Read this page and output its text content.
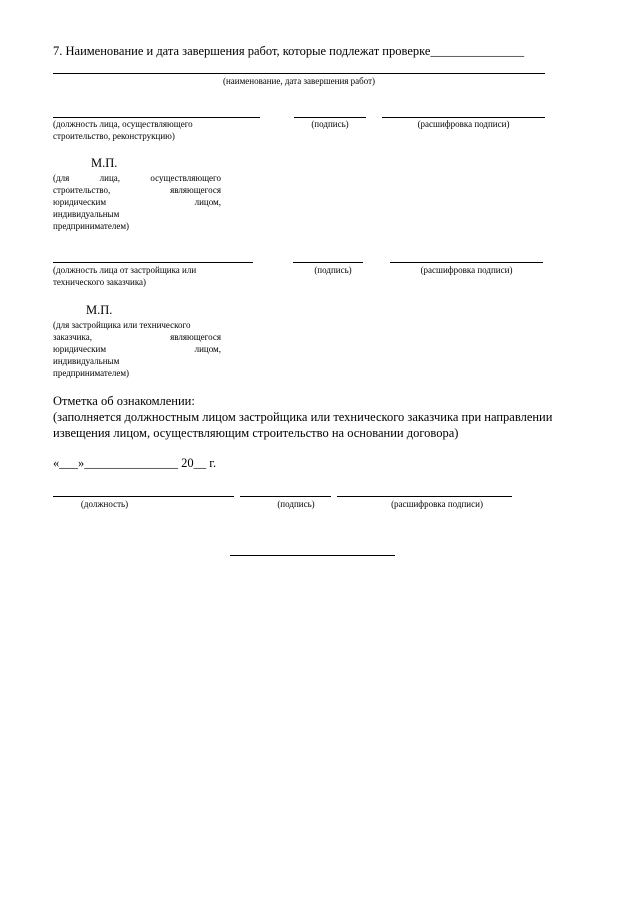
7. Наименование и дата завершения работ, которые подлежат проверке_______________
(наименование, дата завершения работ)
(должность лица, осуществляющего
строительство, реконструкцию)
(подпись)	(расшифровка подписи)
М.П.
(для лица, осуществляющего
строительство, являющегося
юридическим лицом,
индивидуальным
предпринимателем)
(должность лица от застройщика или
технического заказчика)
(подпись)	(расшифровка подписи)
М.П.
(для застройщика или технического
заказчика, являющегося
юридическим лицом,
индивидуальным
предпринимателем)
Отметка об ознакомлении:
(заполняется должностным лицом застройщика или технического заказчика при направлении
извещения лицом, осуществляющим строительство на основании договора)
«___»_______________ 20__ г.
(должность)	(подпись)	(расшифровка подписи)
